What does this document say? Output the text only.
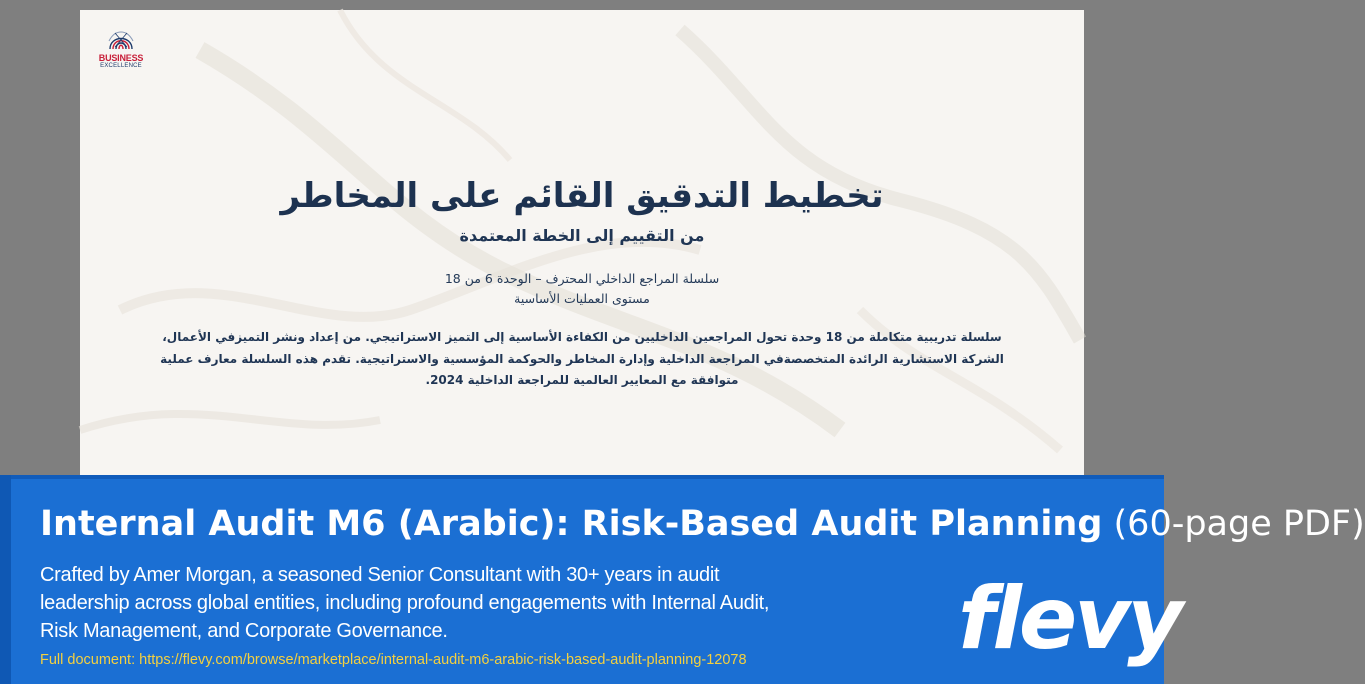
BUSINESS
EXCELLENCE
تخطيط التدقيق القائم على المخاطر
من التقييم إلى الخطة المعتمدة
سلسلة المراجع الداخلي المحترف – الوحدة 6 من 18
مستوى العمليات الأساسية
سلسلة تدريبية متكاملة من 18 وحدة تحول المراجعين الداخليين من الكفاءة الأساسية إلى التميز الاستراتيجي. من إعداد ونشر التميزفي الأعمال، الشركة الاستشارية الرائدة المتخصصةفي المراجعة الداخلية وإدارة المخاطر والحوكمة المؤسسية والاستراتيجية. تقدم هذه السلسلة معارف عملية متوافقة مع المعايير العالمية للمراجعة الداخلية 2024.
Internal Audit M6 (Arabic): Risk-Based Audit Planning (60-page PDF)
Crafted by Amer Morgan, a seasoned Senior Consultant with 30+ years in audit leadership across global entities, including profound engagements with Internal Audit, Risk Management, and Corporate Governance.
Full document: https://flevy.com/browse/marketplace/internal-audit-m6-arabic-risk-based-audit-planning-12078 flevy
